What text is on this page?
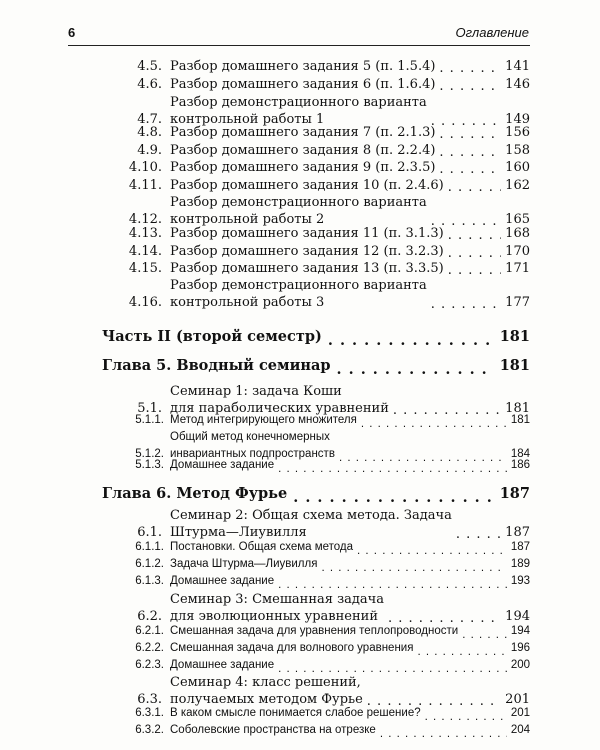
6	Оглавление
4.5. Разбор домашнего задания 5 (п. 1.5.4) . . .	141
4.6. Разбор домашнего задания 6 (п. 1.6.4) . . .	146
4.7.
Разбор демонстрационного варианта
контрольной работы 1 . . .	149
4.8. Разбор домашнего задания 7 (п. 2.1.3) . . .	156
4.9. Разбор домашнего задания 8 (п. 2.2.4) . . .	158
4.10. Разбор домашнего задания 9 (п. 2.3.5) . . .	160
4.11. Разбор домашнего задания 10 (п. 2.4.6) . . .	162
4.12.
Разбор демонстрационного варианта
контрольной работы 2 . . .	165
4.13. Разбор домашнего задания 11 (п. 3.1.3) . . .	168
4.14. Разбор домашнего задания 12 (п. 3.2.3) . . .	170
4.15. Разбор домашнего задания 13 (п. 3.3.5) . . .	171
4.16.
Разбор демонстрационного варианта
контрольной работы 3 . . .	177
Часть II (второй семестр) . . .	181
Глава 5. Вводный семинар . . .	181
5.1.
Семинар 1: задача Коши
для параболических уравнений . . .	181
5.1.1. Метод интегрирующего множителя . . .	181
5.1.2.
Общий метод конечномерных
инвариантных подпространств . . .	184
5.1.3. Домашнее задание . . .	186
Глава 6. Метод Фурье . . .	187
6.1.
Семинар 2: Общая схема метода. Задача
Штурма—Лиувилля . . .	187
6.1.1. Постановки. Общая схема метода . . .	187
6.1.2. Задача Штурма—Лиувилля . . .	189
6.1.3. Домашнее задание . . .	193
6.2.
Семинар 3: Смешанная задача
для эволюционных уравнений . . .	194
6.2.1. Смешанная задача для уравнения теплопроводности . . .	194
6.2.2. Смешанная задача для волнового уравнения . . .	196
6.2.3. Домашнее задание . . .	200
6.3.
Семинар 4: класс решений,
получаемых методом Фурье . . .	201
6.3.1. В каком смысле понимается слабое решение? . . .	201
6.3.2. Соболевские пространства на отрезке . . .	204
